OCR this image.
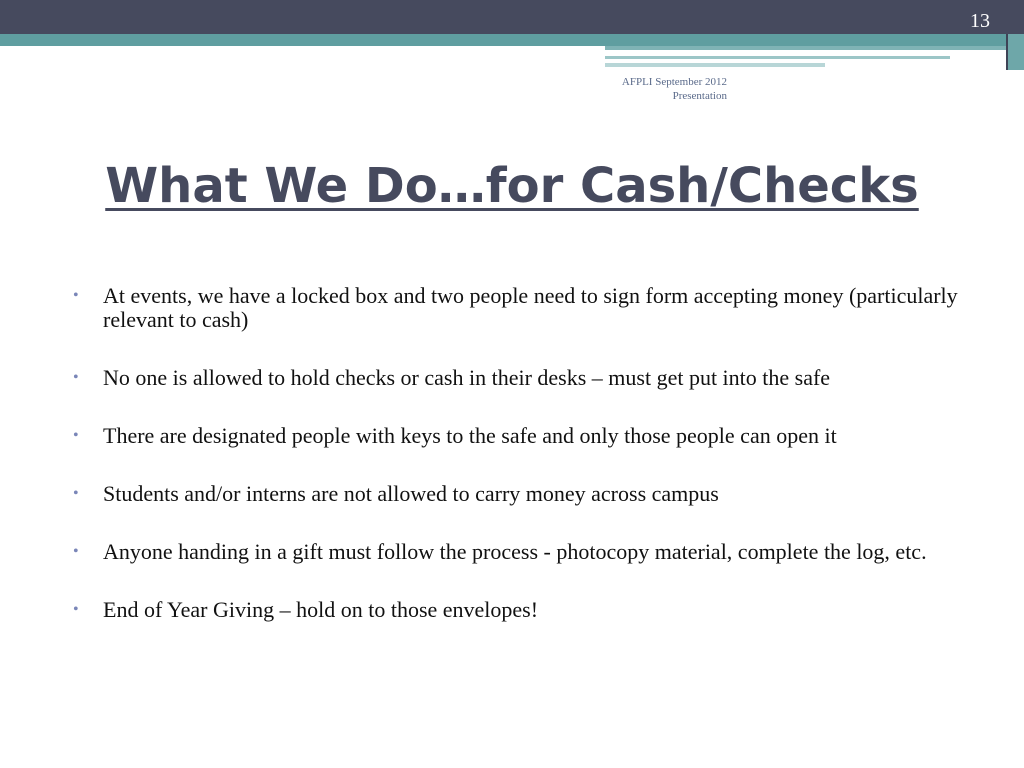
13
AFPLI September 2012
Presentation
What We Do…for Cash/Checks
• At events, we have a locked box and two people need to sign form accepting money (particularly relevant to cash)
• No one is allowed to hold checks or cash in their desks – must get put into the safe
• There are designated people with keys to the safe and only those people can open it
• Students and/or interns are not allowed to carry money across campus
• Anyone handing in a gift must follow the process - photocopy material, complete the log, etc.
• End of Year Giving – hold on to those envelopes!
